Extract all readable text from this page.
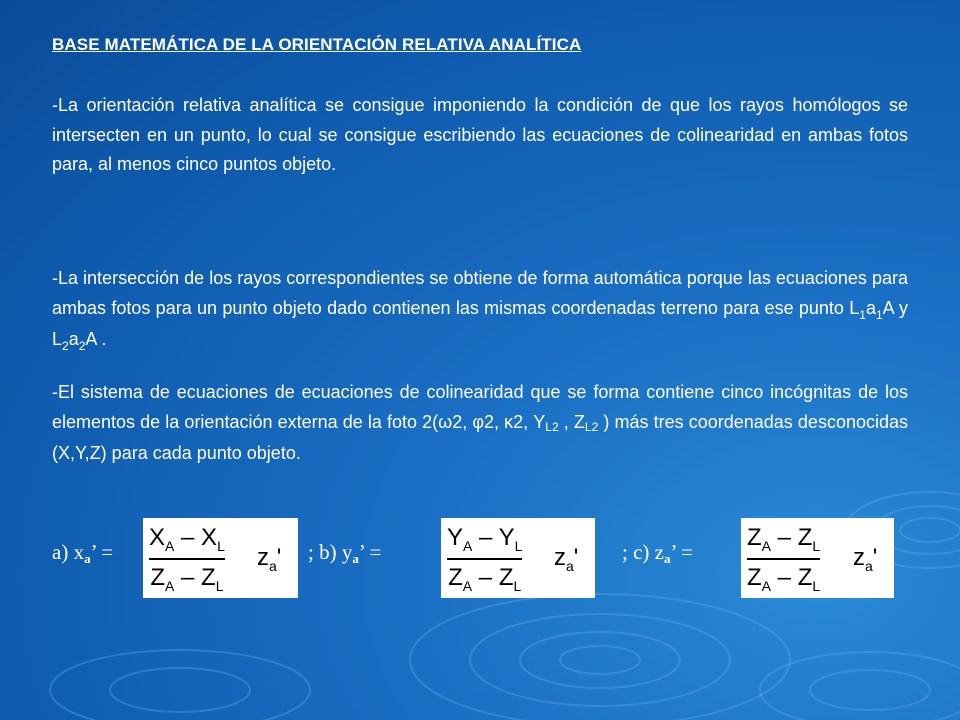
BASE MATEMÁTICA DE LA ORIENTACIÓN RELATIVA ANALÍTICA
-La orientación relativa analítica se consigue imponiendo la condición de que los rayos homólogos se intersecten en un punto, lo cual se consigue escribiendo las ecuaciones de colinearidad en ambas fotos para, al menos cinco puntos objeto.
-La intersección de los rayos correspondientes se obtiene de forma automática porque las ecuaciones para ambas fotos para un punto objeto dado contienen las mismas coordenadas terreno para ese punto $L_1a_1A$ y $L_2a_2A$ .
-El sistema de ecuaciones de ecuaciones de colinearidad que se forma contiene cinco incógnitas de los elementos de la orientación externa de la foto 2(ω2, φ2, κ2, YL2 , ZL2 ) más tres coordenadas desconocidas (X,Y,Z) para cada punto objeto.
a) xa’ =	; b) ya’ =	; c) za’ =
$X_A - X_L$
$Z_A - Z_L$
$z_a'$
$Y_A - Y_L$
$Z_A - Z_L$
$z_a'$
$Z_A - Z_L$
$Z_A - Z_L$
$z_a'$
